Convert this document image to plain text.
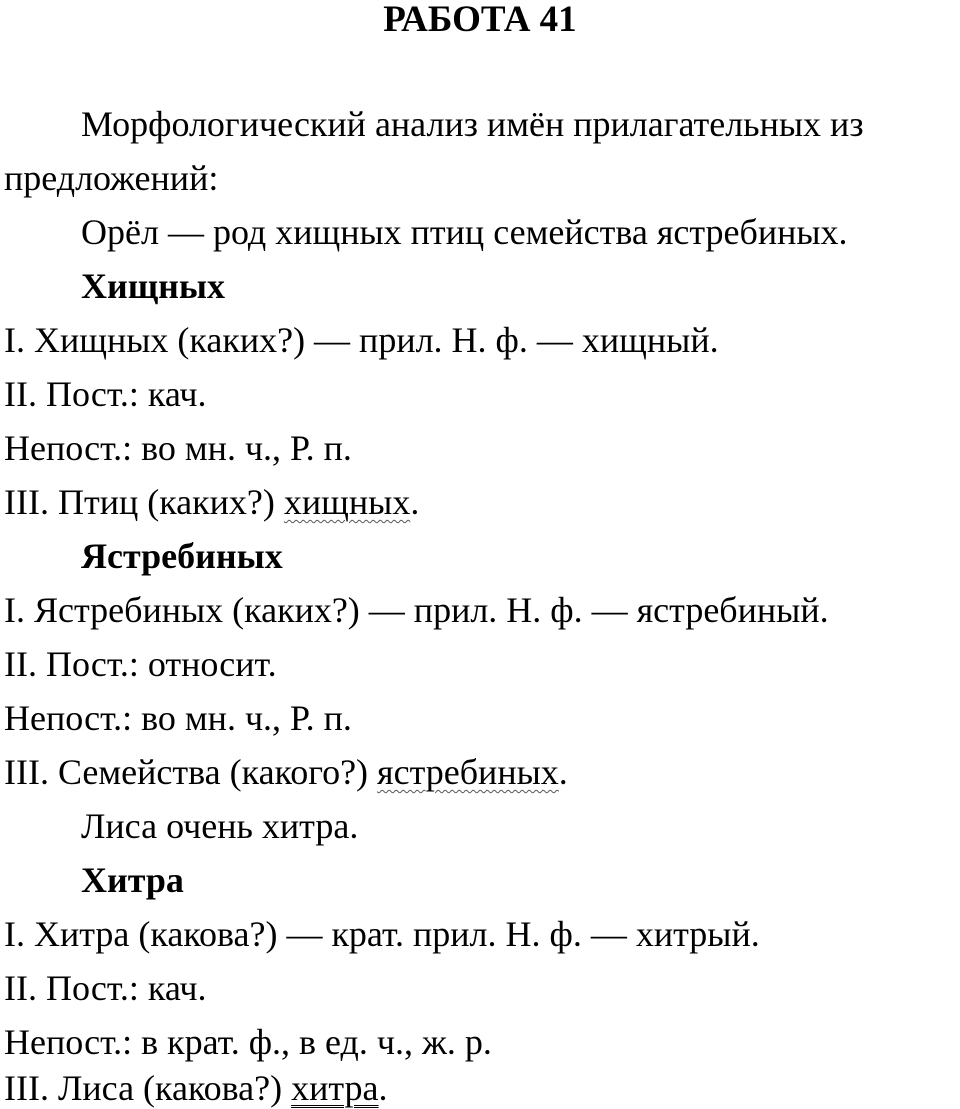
РАБОТА 41
Морфологический анализ имён прилагательных из
предложений:
Орёл — род хищных птиц семейства ястребиных.
Хищных
I. Хищных (каких?) — прил. Н. ф. — хищный.
II. Пост.: кач.
Непост.: во мн. ч., Р. п.
III. Птиц (каких?) хищных.
Ястребиных
I. Ястребиных (каких?) — прил. Н. ф. — ястребиный.
II. Пост.: относит.
Непост.: во мн. ч., Р. п.
III. Семейства (какого?) ястребиных.
Лиса очень хитра.
Хитра
I. Хитра (какова?) — крат. прил. Н. ф. — хитрый.
II. Пост.: кач.
Непост.: в крат. ф., в ед. ч., ж. р.
III. Лиса (какова?) хитра.
